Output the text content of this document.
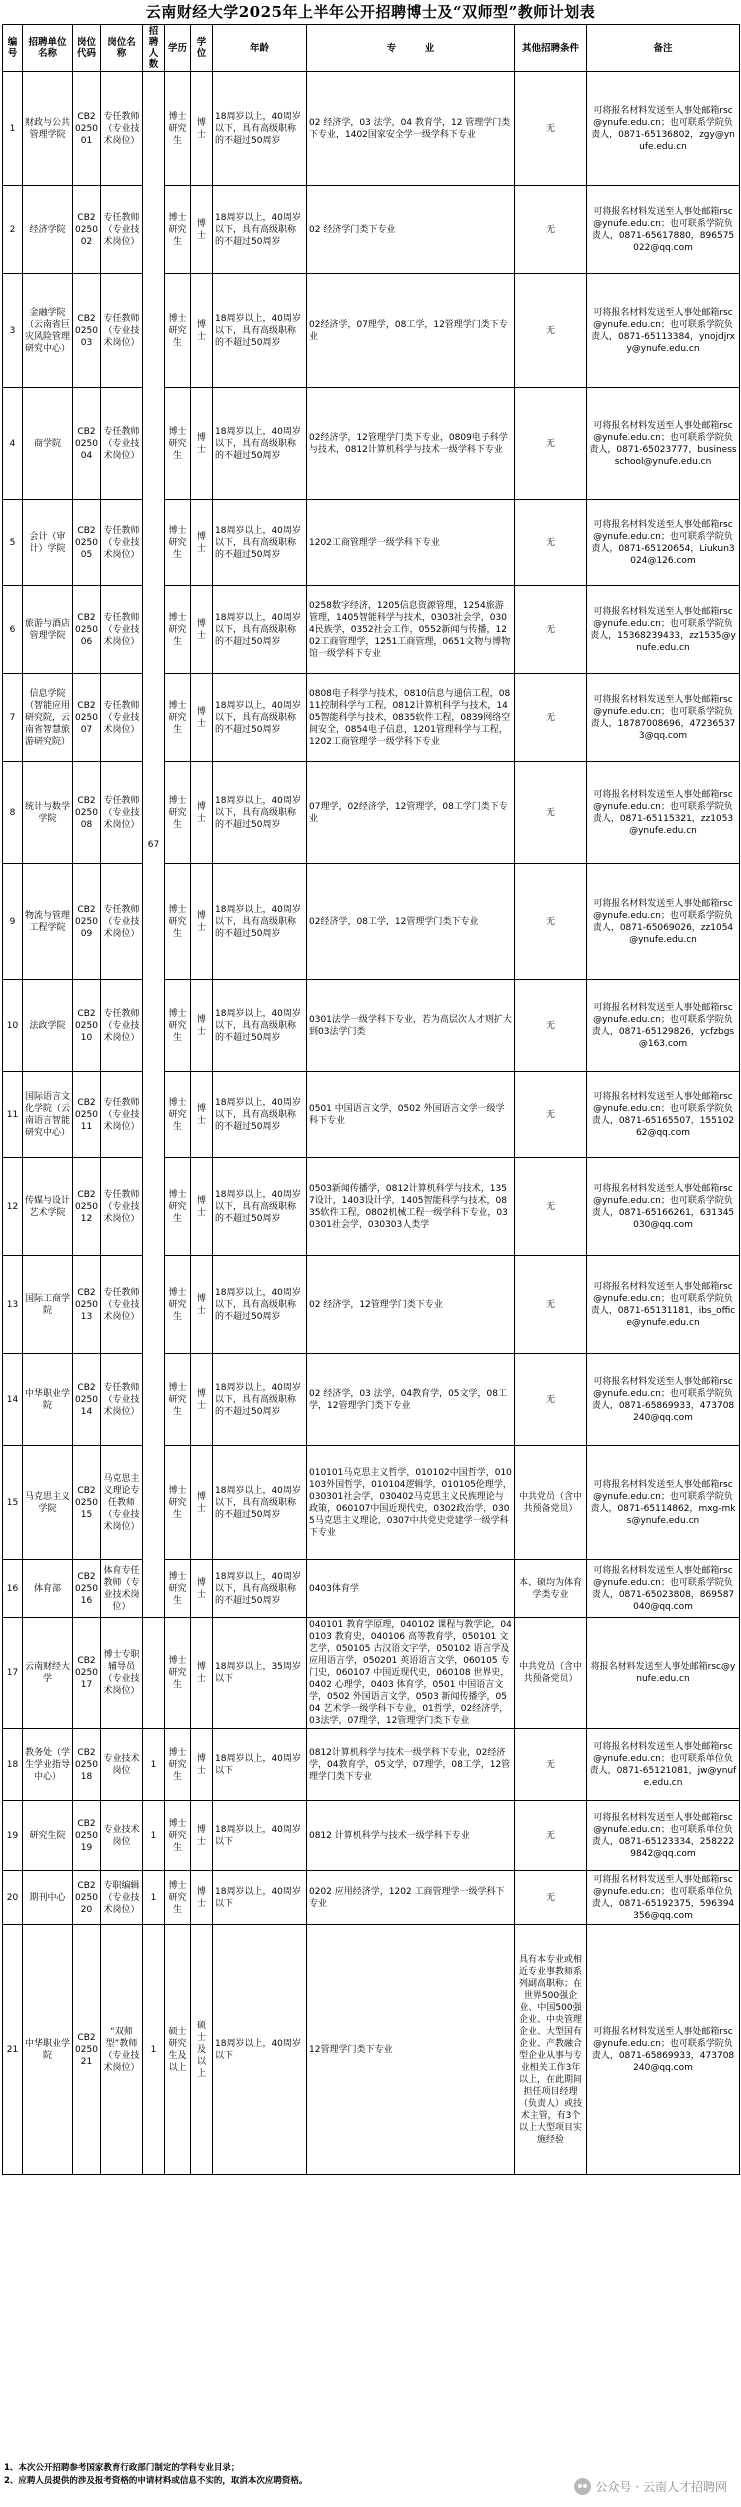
云南财经大学2025年上半年公开招聘博士及“双师型”教师计划表
编号	招聘单位名称	岗位代码	岗位名称	招聘人数	学历	学位	年龄	专　　　业	其他招聘条件	备注
1	财政与公共管理学院	CB2025001	专任教师（专业技术岗位）	67	博士研究生	博士	18周岁以上，40周岁以下，具有高级职称的不超过50周岁	02 经济学，03 法学，04 教育学，12 管理学门类下专业，1402国家安全学一级学科下专业	无	可将报名材料发送至人事处邮箱rsc@ynufe.edu.cn；也可联系学院负责人，0871-65136802，zgy@ynufe.edu.cn
2	经济学院	CB2025002	专任教师（专业技术岗位）		博士研究生	博士	18周岁以上，40周岁以下，具有高级职称的不超过50周岁	02 经济学门类下专业	无	可将报名材料发送至人事处邮箱rsc@ynufe.edu.cn；也可联系学院负责人，0871-65617880，896575022@qq.com
3	金融学院（云南省巨灾风险管理研究中心）	CB2025003	专任教师（专业技术岗位）		博士研究生	博士	18周岁以上，40周岁以下，具有高级职称的不超过50周岁	02经济学，07理学，08工学，12管理学门类下专业	无	可将报名材料发送至人事处邮箱rsc@ynufe.edu.cn；也可联系学院负责人，0871-65113384，ynojdjrxy@ynufe.edu.cn
4	商学院	CB2025004	专任教师（专业技术岗位）		博士研究生	博士	18周岁以上，40周岁以下，具有高级职称的不超过50周岁	02经济学，12管理学门类下专业，0809电子科学与技术，0812计算机科学与技术一级学科下专业	无	可将报名材料发送至人事处邮箱rsc@ynufe.edu.cn；也可联系学院负责人，0871-65023777，businessschool@ynufe.edu.cn
5	会计（审计）学院	CB2025005	专任教师（专业技术岗位）		博士研究生	博士	18周岁以上，40周岁以下，具有高级职称的不超过50周岁	1202工商管理学一级学科下专业	无	可将报名材料发送至人事处邮箱rsc@ynufe.edu.cn；也可联系学院负责人，0871-65120654，Liukun3024@126.com
6	旅游与酒店管理学院	CB2025006	专任教师（专业技术岗位）		博士研究生	博士	18周岁以上，40周岁以下，具有高级职称的不超过50周岁	0258数字经济，1205信息资源管理，1254旅游管理，1405智能科学与技术，0303社会学，0304民族学，0352社会工作，0552新闻与传播，1202工商管理学，1251工商管理，0651文物与博物馆一级学科下专业	无	可将报名材料发送至人事处邮箱rsc@ynufe.edu.cn；也可联系学院负责人，15368239433，zz1535@ynufe.edu.cn
7	信息学院（智能应用研究院，云南省智慧旅游研究院）	CB2025007	专任教师（专业技术岗位）		博士研究生	博士	18周岁以上，40周岁以下，具有高级职称的不超过50周岁	0808电子科学与技术，0810信息与通信工程，0811控制科学与工程，0812计算机科学与技术，1405智能科学与技术，0835软件工程，0839网络空间安全，0854电子信息，1201管理科学与工程，1202工商管理学一级学科下专业	无	可将报名材料发送至人事处邮箱rsc@ynufe.edu.cn；也可联系学院负责人，18787008696，472365373@qq.com
8	统计与数学学院	CB2025008	专任教师（专业技术岗位）		博士研究生	博士	18周岁以上，40周岁以下，具有高级职称的不超过50周岁	07理学，02经济学，12管理学，08工学门类下专业	无	可将报名材料发送至人事处邮箱rsc@ynufe.edu.cn；也可联系学院负责人，0871-65115321，zz1053@ynufe.edu.cn
9	物流与管理工程学院	CB2025009	专任教师（专业技术岗位）		博士研究生	博士	18周岁以上，40周岁以下，具有高级职称的不超过50周岁	02经济学，08工学，12管理学门类下专业	无	可将报名材料发送至人事处邮箱rsc@ynufe.edu.cn；也可联系学院负责人，0871-65069026，zz1054@ynufe.edu.cn
10	法政学院	CB2025010	专任教师（专业技术岗位）		博士研究生	博士	18周岁以上，40周岁以下，具有高级职称的不超过50周岁	0301法学一级学科下专业，若为高层次人才则扩大到03法学门类	无	可将报名材料发送至人事处邮箱rsc@ynufe.edu.cn；也可联系学院负责人，0871-65129826，ycfzbgs@163.com
11	国际语言文化学院（云南语言智能研究中心）	CB2025011	专任教师（专业技术岗位）		博士研究生	博士	18周岁以上，40周岁以下，具有高级职称的不超过50周岁	0501 中国语言文学，0502 外国语言文学一级学科下专业	无	可将报名材料发送至人事处邮箱rsc@ynufe.edu.cn；也可联系学院负责人，0871-65165507，15510262@qq.com
12	传媒与设计艺术学院	CB2025012	专任教师（专业技术岗位）		博士研究生	博士	18周岁以上，40周岁以下，具有高级职称的不超过50周岁	0503新闻传播学，0812计算机科学与技术，1357设计，1403设计学，1405智能科学与技术，0835软件工程，0802机械工程一级学科下专业，030301社会学，030303人类学	无	可将报名材料发送至人事处邮箱rsc@ynufe.edu.cn；也可联系学院负责人，0871-65166261，631345030@qq.com
13	国际工商学院	CB2025013	专任教师（专业技术岗位）		博士研究生	博士	18周岁以上，40周岁以下，具有高级职称的不超过50周岁	02 经济学，12管理学门类下专业	无	可将报名材料发送至人事处邮箱rsc@ynufe.edu.cn；也可联系学院负责人，0871-65131181，ibs_office@ynufe.edu.cn
14	中华职业学院	CB2025014	专任教师（专业技术岗位）		博士研究生	博士	18周岁以上，40周岁以下，具有高级职称的不超过50周岁	02 经济学，03 法学，04教育学，05文学，08工学，12管理学门类下专业	无	可将报名材料发送至人事处邮箱rsc@ynufe.edu.cn；也可联系学院负责人，0871-65869933，473708240@qq.com
15	马克思主义学院	CB2025015	马克思主义理论专任教师（专业技术岗位）		博士研究生	博士	18周岁以上，40周岁以下，具有高级职称的不超过50周岁	010101马克思主义哲学，010102中国哲学，010103外国哲学，010104逻辑学，010105伦理学，030301社会学，030402马克思主义民族理论与政策，060107中国近现代史，0302政治学，0305马克思主义理论，0307中共党史党建学一级学科下专业	中共党员（含中共预备党员）	可将报名材料发送至人事处邮箱rsc@ynufe.edu.cn；也可联系学院负责人，0871-65114862，mxg-mks@ynufe.edu.cn
16	体育部	CB2025016	体育专任教师（专业技术岗位）		博士研究生	博士	18周岁以上，40周岁以下，具有高级职称的不超过50周岁	0403体育学	本、硕均为体育学类专业	可将报名材料发送至人事处邮箱rsc@ynufe.edu.cn；也可联系学院负责人，0871-65023808，869587040@qq.com
17	云南财经大学	CB2025017	博士专职辅导员（专业技术岗位）		博士研究生	博士	18周岁以上，35周岁以下	040101 教育学原理，040102 课程与教学论，040103 教育史，040106 高等教育学，050101 文艺学，050105 古汉语文字学，050102 语言学及应用语言学，050201 英语语言文学，060105 专门史，060107 中国近现代史，060108 世界史，0402 心理学，0403 体育学，0501 中国语言文学，0502 外国语言文学，0503 新闻传播学，0504 艺术学一级学科下专业，01哲学，02经济学，03法学，07理学，12管理学门类下专业	中共党员（含中共预备党员）	将报名材料发送至人事处邮箱rsc@ynufe.edu.cn
18	教务处（学生学业指导中心）	CB2025018	专业技术岗位	1	博士研究生	博士	18周岁以上，40周岁以下	0812计算机科学与技术一级学科下专业，02经济学，04教育学，05文学，07理学，08工学，12管理学门类下专业	无	可将报名材料发送至人事处邮箱rsc@ynufe.edu.cn；也可联系单位负责人，0871-65121081，jw@ynufe.edu.cn
19	研究生院	CB2025019	专业技术岗位	1	博士研究生	博士	18周岁以上，40周岁以下	0812 计算机科学与技术一级学科下专业	无	可将报名材料发送至人事处邮箱rsc@ynufe.edu.cn；也可联系单位负责人，0871-65123334，2582229842@qq.com
20	期刊中心	CB2025020	专职编辑（专业技术岗位）	1	博士研究生	博士	18周岁以上，40周岁以下	0202 应用经济学，1202 工商管理学一级学科下专业	无	可将报名材料发送至人事处邮箱rsc@ynufe.edu.cn；也可联系单位负责人，0871-65192375，596394356@qq.com
21	中华职业学院	CB2025021	“双师型”教师（专业技术岗位）	1	硕士研究生及以上	硕士及以上	18周岁以上，40周岁以下	12管理学门类下专业	具有本专业或相近专业事教师系列副高职称；在世界500强企业、中国500强企业、中央管理企业、大型国有企业、产教融合型企业从事与专业相关工作3年以上，在此期间担任项目经理（负责人）或技术主管，有3个以上大型项目实施经验	可将报名材料发送至人事处邮箱rsc@ynufe.edu.cn；也可联系学院负责人，0871-65869933，473708240@qq.com
1、本次公开招聘参考国家教育行政部门制定的学科专业目录；
2、应聘人员提供的涉及报考资格的申请材料或信息不实的，取消本次应聘资格。	公众号 · 云南人才招聘网
